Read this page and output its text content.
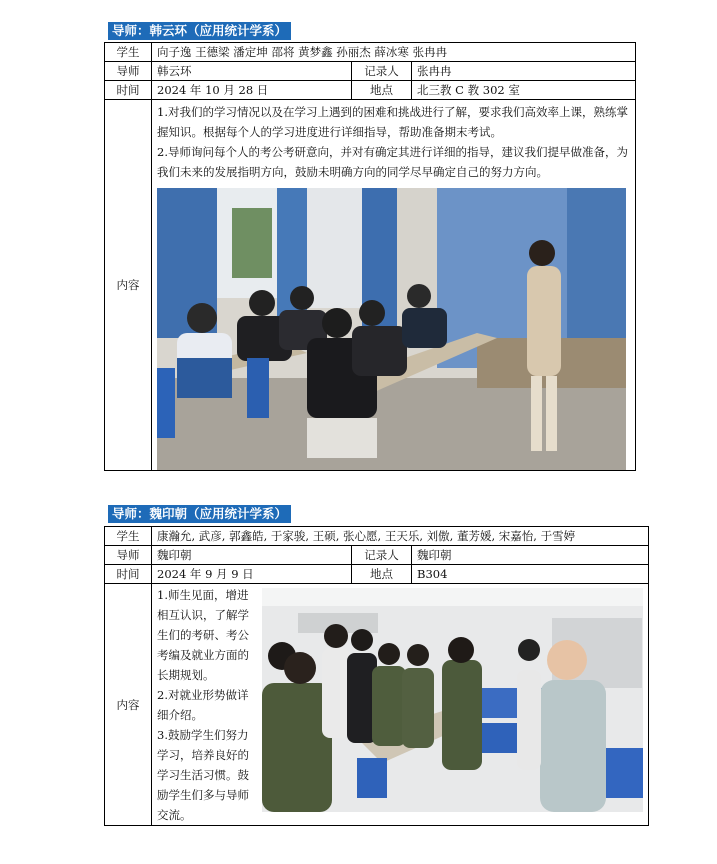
导师：韩云环（应用统计学系）
学生	向子逸 王德梁 潘定坤 邵将 黄梦鑫 孙丽杰 薛冰寒 张冉冉		
导师	韩云环	记录人	张冉冉
时间	2024 年 10 月 28 日	地点	北三教 C 教 302 室
内容	1.对我们的学习情况以及在学习上遇到的困难和挑战进行了解，要求我们高效率上课，熟练掌握知识。根据每个人的学习进度进行详细指导，帮助准备期末考试。

2.导师询问每个人的考公考研意向，并对有确定其进行详细的指导，建议我们提早做准备，为我们未来的发展指明方向，鼓励未明确方向的同学尽早确定自己的努力方向。		

导师：魏印朝（应用统计学系）
学生	康瀚允, 武彦, 郭鑫皓, 于家骏, 王硕, 张心愿, 王天乐, 刘傲, 董芳媛, 宋嘉怡, 于雪婷		
导师	魏印朝	记录人	魏印朝
时间	2024 年 9 月 9 日	地点	B304
内容	1.师生见面，增进相互认识，了解学生们的考研、考公考编及就业方面的长期规划。

2.对就业形势做详细介绍。

3.鼓励学生们努力学习，培养良好的学习生活习惯。鼓励学生们多与导师交流。		
